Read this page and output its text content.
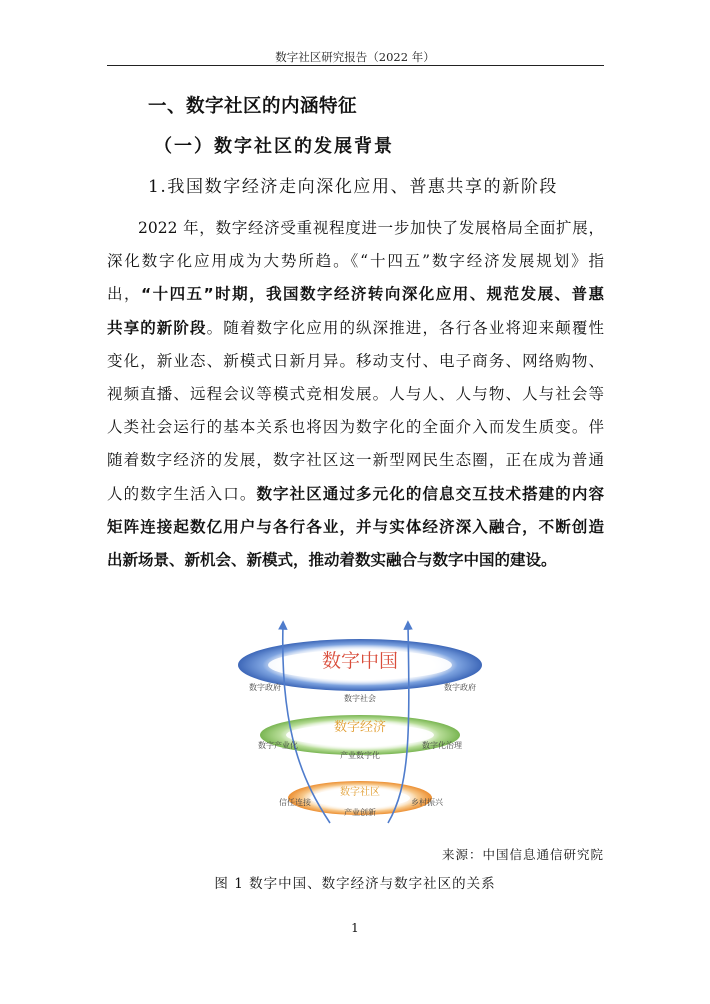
数字社区研究报告（2022 年）
一、数字社区的内涵特征
（一）数字社区的发展背景
1.我国数字经济走向深化应用、普惠共享的新阶段
2022 年，数字经济受重视程度进一步加快了发展格局全面扩展，
深化数字化应用成为大势所趋。《“十四五”数字经济发展规划》指
出，“十四五”时期，我国数字经济转向深化应用、规范发展、普惠
共享的新阶段。随着数字化应用的纵深推进，各行各业将迎来颠覆性
变化，新业态、新模式日新月异。移动支付、电子商务、网络购物、
视频直播、远程会议等模式竞相发展。人与人、人与物、人与社会等
人类社会运行的基本关系也将因为数字化的全面介入而发生质变。伴
随着数字经济的发展，数字社区这一新型网民生态圈，正在成为普通
人的数字生活入口。数字社区通过多元化的信息交互技术搭建的内容
矩阵连接起数亿用户与各行各业，并与实体经济深入融合，不断创造
出新场景、新机会、新模式，推动着数实融合与数字中国的建设。
数字中国
数字政府	数字政府
数字社会
数字经济
数字产业化	数字化治理
产业数字化
数字社区
信任连接	乡村振兴
产业创新
来源：中国信息通信研究院
图 1 数字中国、数字经济与数字社区的关系
1
